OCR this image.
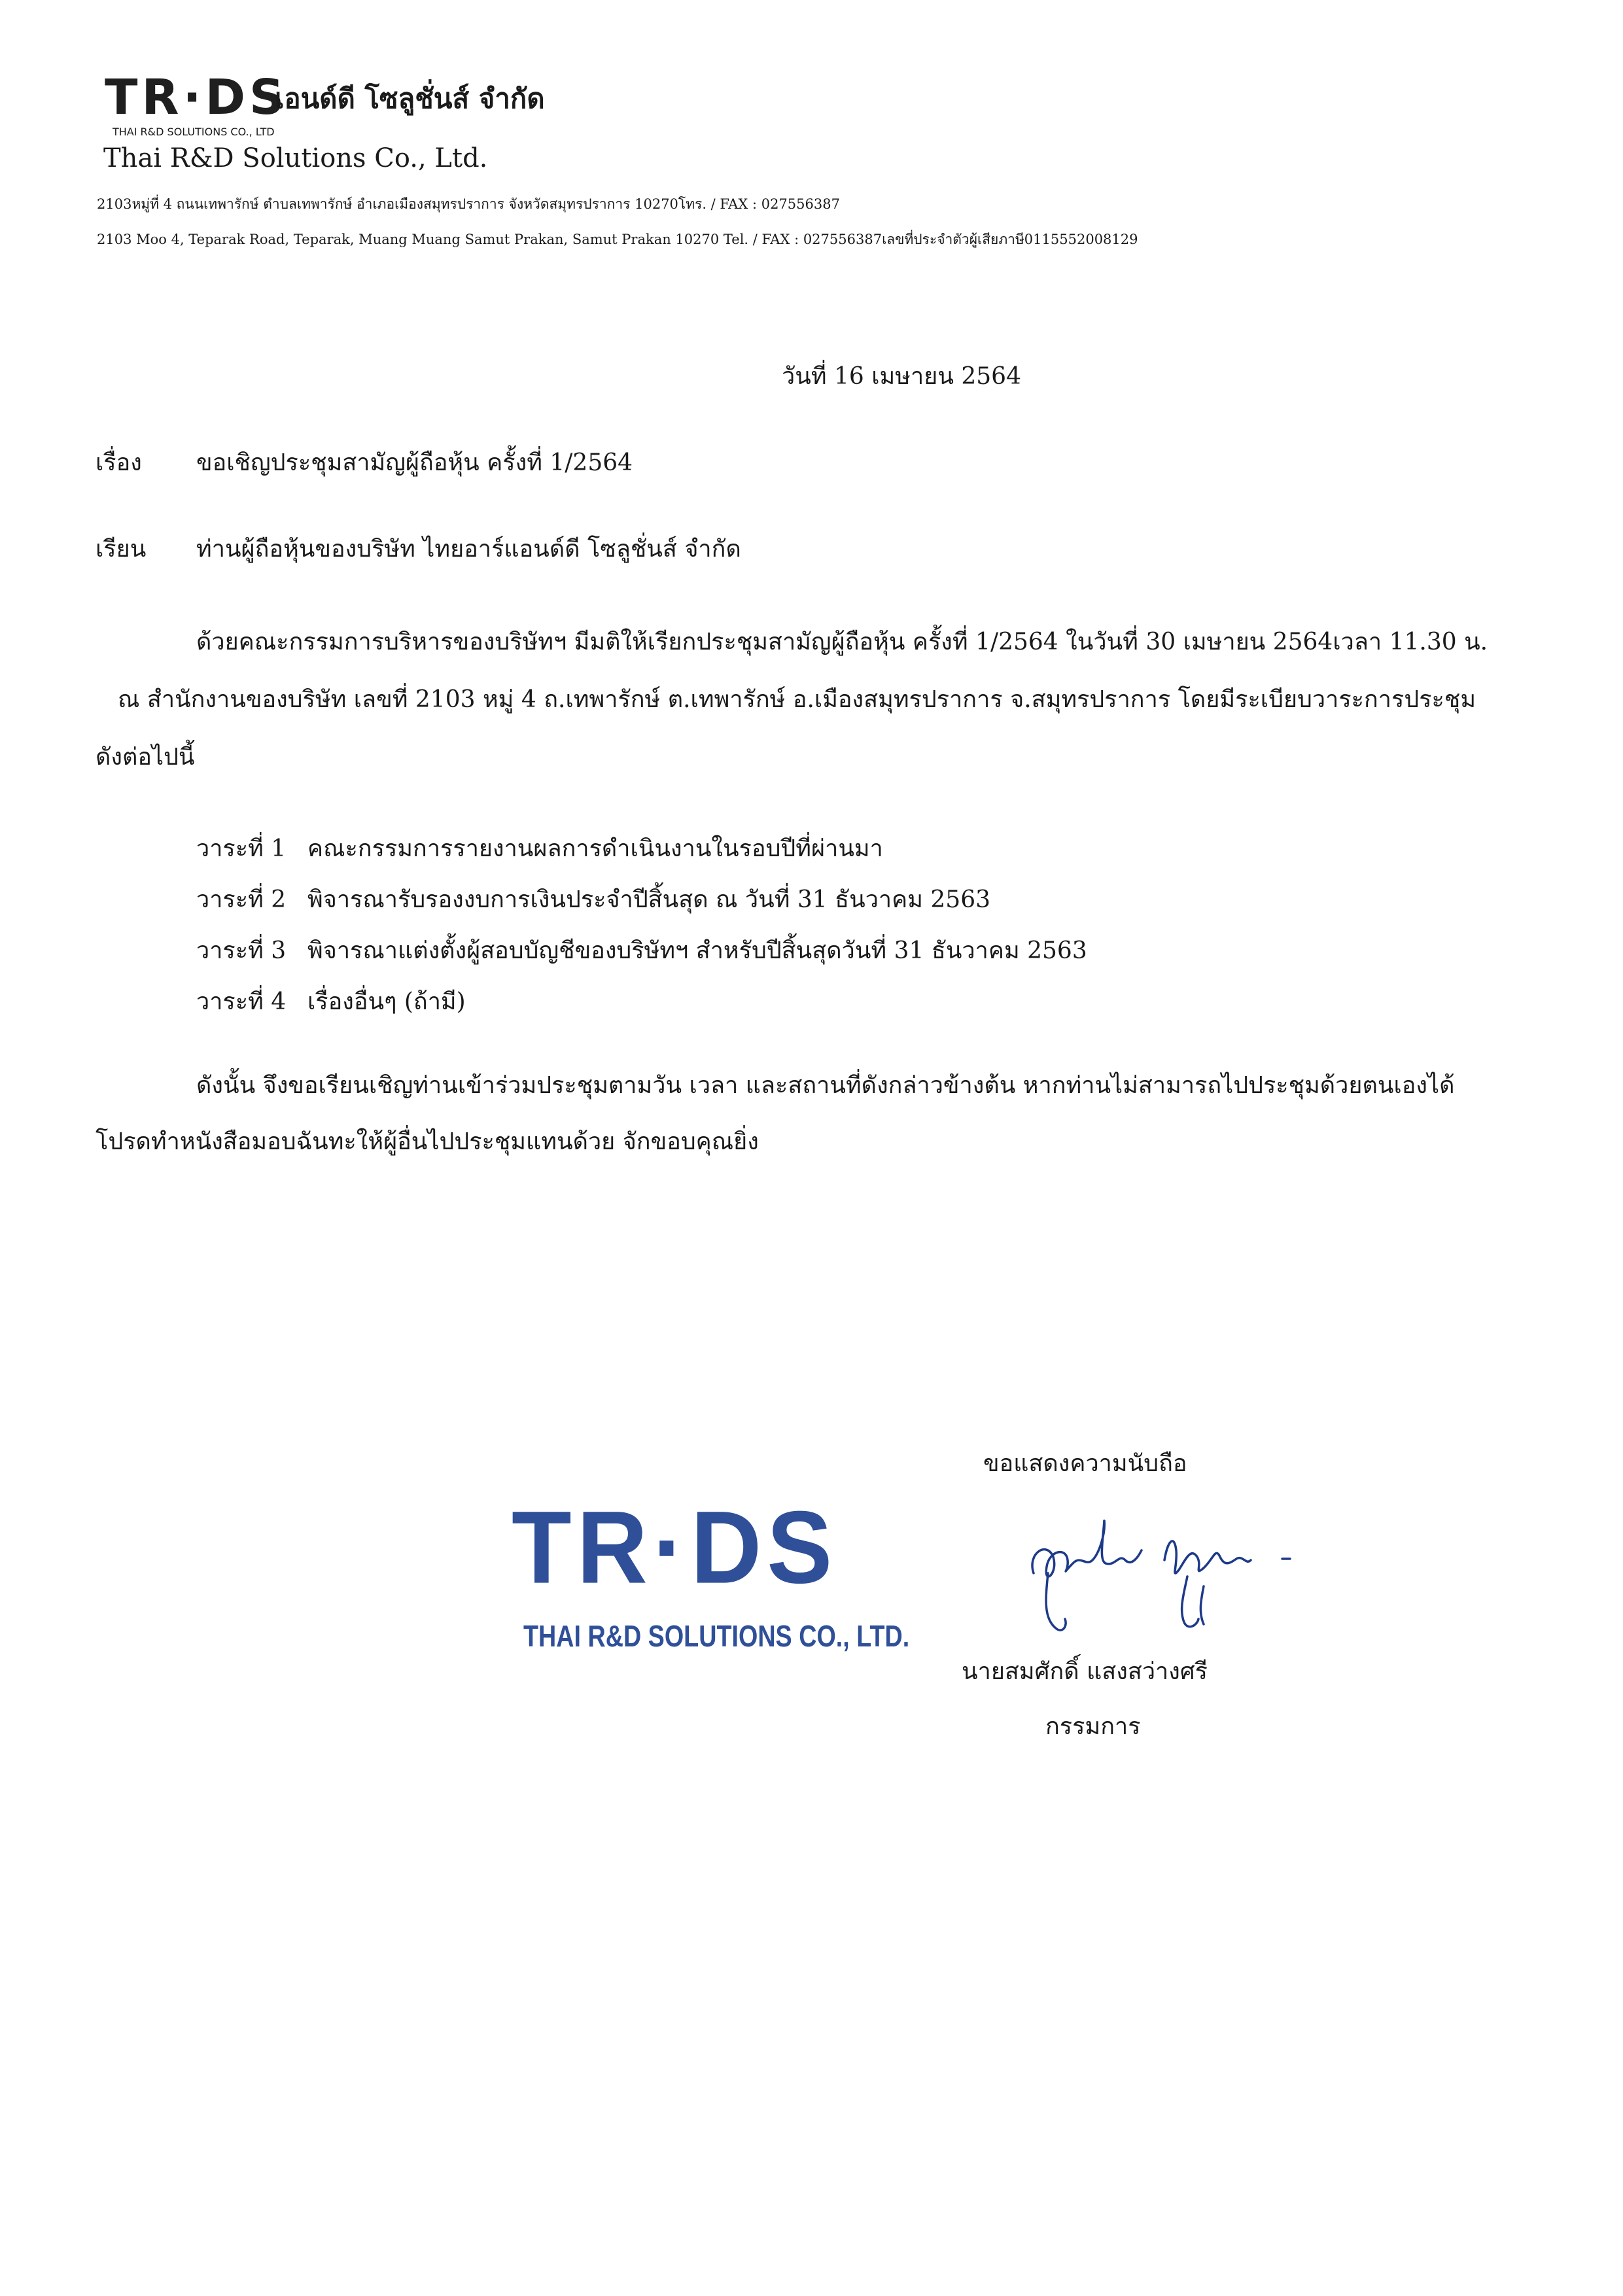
TR·DS
เอนด์ดี โซลูชั่นส์ จำกัด
THAI R&D SOLUTIONS CO., LTD
Thai R&D Solutions Co., Ltd.
2103หมู่ที่ 4 ถนนเทพารักษ์ ตำบลเทพารักษ์ อำเภอเมืองสมุทรปราการ จังหวัดสมุทรปราการ 10270โทร. / FAX : 027556387
2103 Moo 4, Teparak Road, Teparak, Muang Muang Samut Prakan, Samut Prakan 10270 Tel. / FAX : 027556387เลขที่ประจำตัวผู้เสียภาษี0115552008129
วันที่ 16 เมษายน 2564
เรื่อง ขอเชิญประชุมสามัญผู้ถือหุ้น ครั้งที่ 1/2564
เรียน ท่านผู้ถือหุ้นของบริษัท ไทยอาร์แอนด์ดี โซลูชั่นส์ จำกัด
ด้วยคณะกรรมการบริหารของบริษัทฯ มีมติให้เรียกประชุมสามัญผู้ถือหุ้น ครั้งที่ 1/2564 ในวันที่ 30 เมษายน 2564เวลา 11.30 น.
ณ สำนักงานของบริษัท เลขที่ 2103 หมู่ 4 ถ.เทพารักษ์ ต.เทพารักษ์ อ.เมืองสมุทรปราการ จ.สมุทรปราการ โดยมีระเบียบวาระการประชุม
ดังต่อไปนี้
วาระที่ 1 คณะกรรมการรายงานผลการดำเนินงานในรอบปีที่ผ่านมา
วาระที่ 2 พิจารณารับรองงบการเงินประจำปีสิ้นสุด ณ วันที่ 31 ธันวาคม 2563
วาระที่ 3 พิจารณาแต่งตั้งผู้สอบบัญชีของบริษัทฯ สำหรับปีสิ้นสุดวันที่ 31 ธันวาคม 2563
วาระที่ 4 เรื่องอื่นๆ (ถ้ามี)
ดังนั้น จึงขอเรียนเชิญท่านเข้าร่วมประชุมตามวัน เวลา และสถานที่ดังกล่าวข้างต้น หากท่านไม่สามารถไปประชุมด้วยตนเองได้
โปรดทำหนังสือมอบฉันทะให้ผู้อื่นไปประชุมแทนด้วย จักขอบคุณยิ่ง
ขอแสดงความนับถือ
TR·DS
THAI R&D SOLUTIONS CO., LTD.
นายสมศักดิ์ แสงสว่างศรี
กรรมการ
